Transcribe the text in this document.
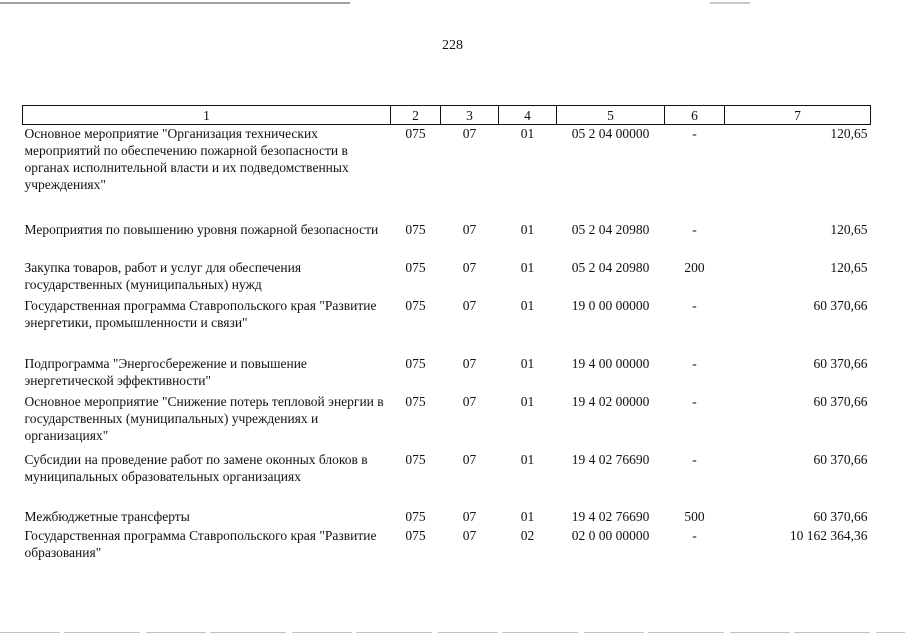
228
1	2	3	4	5	6	7
Основное мероприятие "Организация технических мероприятий по обеспечению пожарной безопасности в органах исполнительной власти и их подведомственных учреждениях"	075	07	01	05 2 04 00000	-	120,65
Мероприятия по повышению уровня пожарной безопасности	075	07	01	05 2 04 20980	-	120,65
Закупка товаров, работ и услуг для обеспечения государственных (муниципальных) нужд	075	07	01	05 2 04 20980	200	120,65
Государственная программа Ставропольского края "Развитие энергетики, промышленности и связи"	075	07	01	19 0 00 00000	-	60 370,66
Подпрограмма "Энергосбережение и повышение энергетической эффективности"	075	07	01	19 4 00 00000	-	60 370,66
Основное мероприятие "Снижение потерь тепловой энергии в государственных (муниципальных) учреждениях и организациях"	075	07	01	19 4 02 00000	-	60 370,66
Субсидии на проведение работ по замене оконных блоков в муниципальных образовательных организациях	075	07	01	19 4 02 76690	-	60 370,66
Межбюджетные трансферты	075	07	01	19 4 02 76690	500	60 370,66
Государственная программа Ставропольского края "Развитие образования"	075	07	02	02 0 00 00000	-	10 162 364,36
